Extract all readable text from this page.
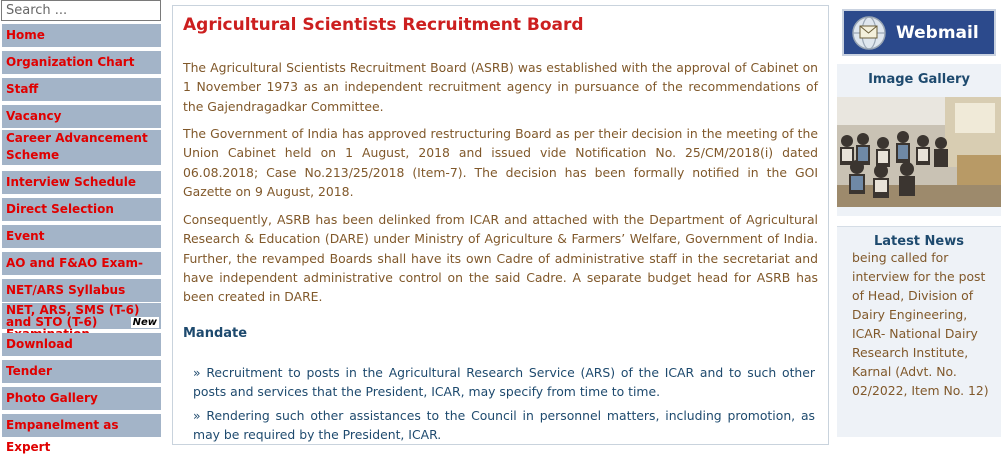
Search ...
Home
Organization Chart
Staff
Vacancy
Career Advancement Scheme
Interview Schedule
Direct Selection
Event
AO and F&AO Exam-
NET/ARS Syllabus
NET, ARS, SMS (T-6) and STO (T-6)	New
Download
Tender
Photo Gallery
Empanelment as Expert
Agricultural Scientists Recruitment Board

The Agricultural Scientists Recruitment Board (ASRB) was established with the approval of Cabinet on 1 November 1973 as an independent recruitment agency in pursuance of the recommendations of the Gajendragadkar Committee.

The Government of India has approved restructuring Board as per their decision in the meeting of the Union Cabinet held on 1 August, 2018 and issued vide Notification No. 25/CM/2018(i) dated 06.08.2018; Case No.213/25/2018 (Item-7). The decision has been formally notified in the GOI Gazette on 9 August, 2018.

Consequently, ASRB has been delinked from ICAR and attached with the Department of Agricultural Research & Education (DARE) under Ministry of Agriculture & Farmers’ Welfare, Government of India. Further, the revamped Boards shall have its own Cadre of administrative staff in the secretariat and have independent administrative control on the said Cadre. A separate budget head for ASRB has been created in DARE.

Mandate

» Recruitment to posts in the Agricultural Research Service (ARS) of the ICAR and to such other posts and services that the President, ICAR, may specify from time to time.

» Rendering such other assistances to the Council in personnel matters, including promotion, as may be required by the President, ICAR.

Webmail
Image Gallery
Latest News

being called for interview for the post of Head, Division of Dairy Engineering, ICAR- National Dairy Research Institute, Karnal (Advt. No. 02/2022, Item No. 12)
